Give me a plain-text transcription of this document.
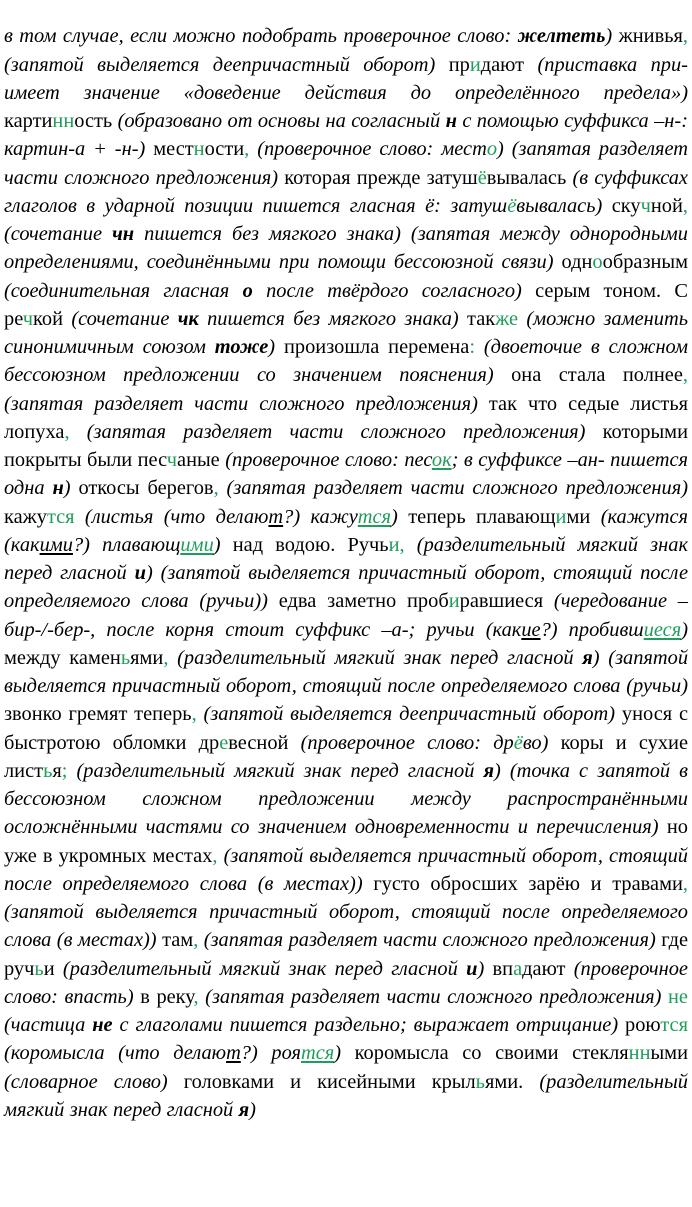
в том случае, если можно подобрать проверочное слово: желтеть) жнивья, (запятой выделяется деепричастный оборот) придают (приставка при- имеет значение «доведение действия до определённого предела») картинность (образовано от основы на согласный н с помощью суффикса –н-: картин-а + -н-) местности, (проверочное слово: место) (запятая разделяет части сложного предложения) которая прежде затушёвывалась (в суффиксах глаголов в ударной позиции пишется гласная ё: затушёвывалась) скучной, (сочетание чн пишется без мягкого знака) (запятая между однородными определениями, соединёнными при помощи бессоюзной связи) однообразным (соединительная гласная о после твёрдого согласного) серым тоном. С речкой (сочетание чк пишется без мягкого знака) также (можно заменить синонимичным союзом тоже) произошла перемена: (двоеточие в сложном бессоюзном предложении со значением пояснения) она стала полнее, (запятая разделяет части сложного предложения) так что седые листья лопуха, (запятая разделяет части сложного предложения) которыми покрыты были песчаные (проверочное слово: песок; в суффиксе –ан- пишется одна н) откосы берегов, (запятая разделяет части сложного предложения) кажутся (листья (что делают?) кажутся) теперь плавающими (кажутся (какими?) плавающими) над водою. Ручьи, (разделительный мягкий знак перед гласной и) (запятой выделяется причастный оборот, стоящий после определяемого слова (ручьи)) едва заметно пробиравшиеся (чередование –бир-/-бер-, после корня стоит суффикс –а-; ручьи (какие?) пробившиеся) между каменьями, (разделительный мягкий знак перед гласной я) (запятой выделяется причастный оборот, стоящий после определяемого слова (ручьи) звонко гремят теперь, (запятой выделяется деепричастный оборот) унося с быстротою обломки древесной (проверочное слово: дрёво) коры и сухие листья; (разделительный мягкий знак перед гласной я) (точка с запятой в бессоюзном сложном предложении между распространёнными осложнёнными частями со значением одновременности и перечисления) но уже в укромных местах, (запятой выделяется причастный оборот, стоящий после определяемого слова (в местах)) густо обросших зарёю и травами, (запятой выделяется причастный оборот, стоящий после определяемого слова (в местах)) там, (запятая разделяет части сложного предложения) где ручьи (разделительный мягкий знак перед гласной и) впадают (проверочное слово: впасть) в реку, (запятая разделяет части сложного предложения) не (частица не с глаголами пишется раздельно; выражает отрицание) роются (коромысла (что делают?) роятся) коромысла со своими стеклянными (словарное слово) головками и кисейными крыльями. (разделительный мягкий знак перед гласной я)
